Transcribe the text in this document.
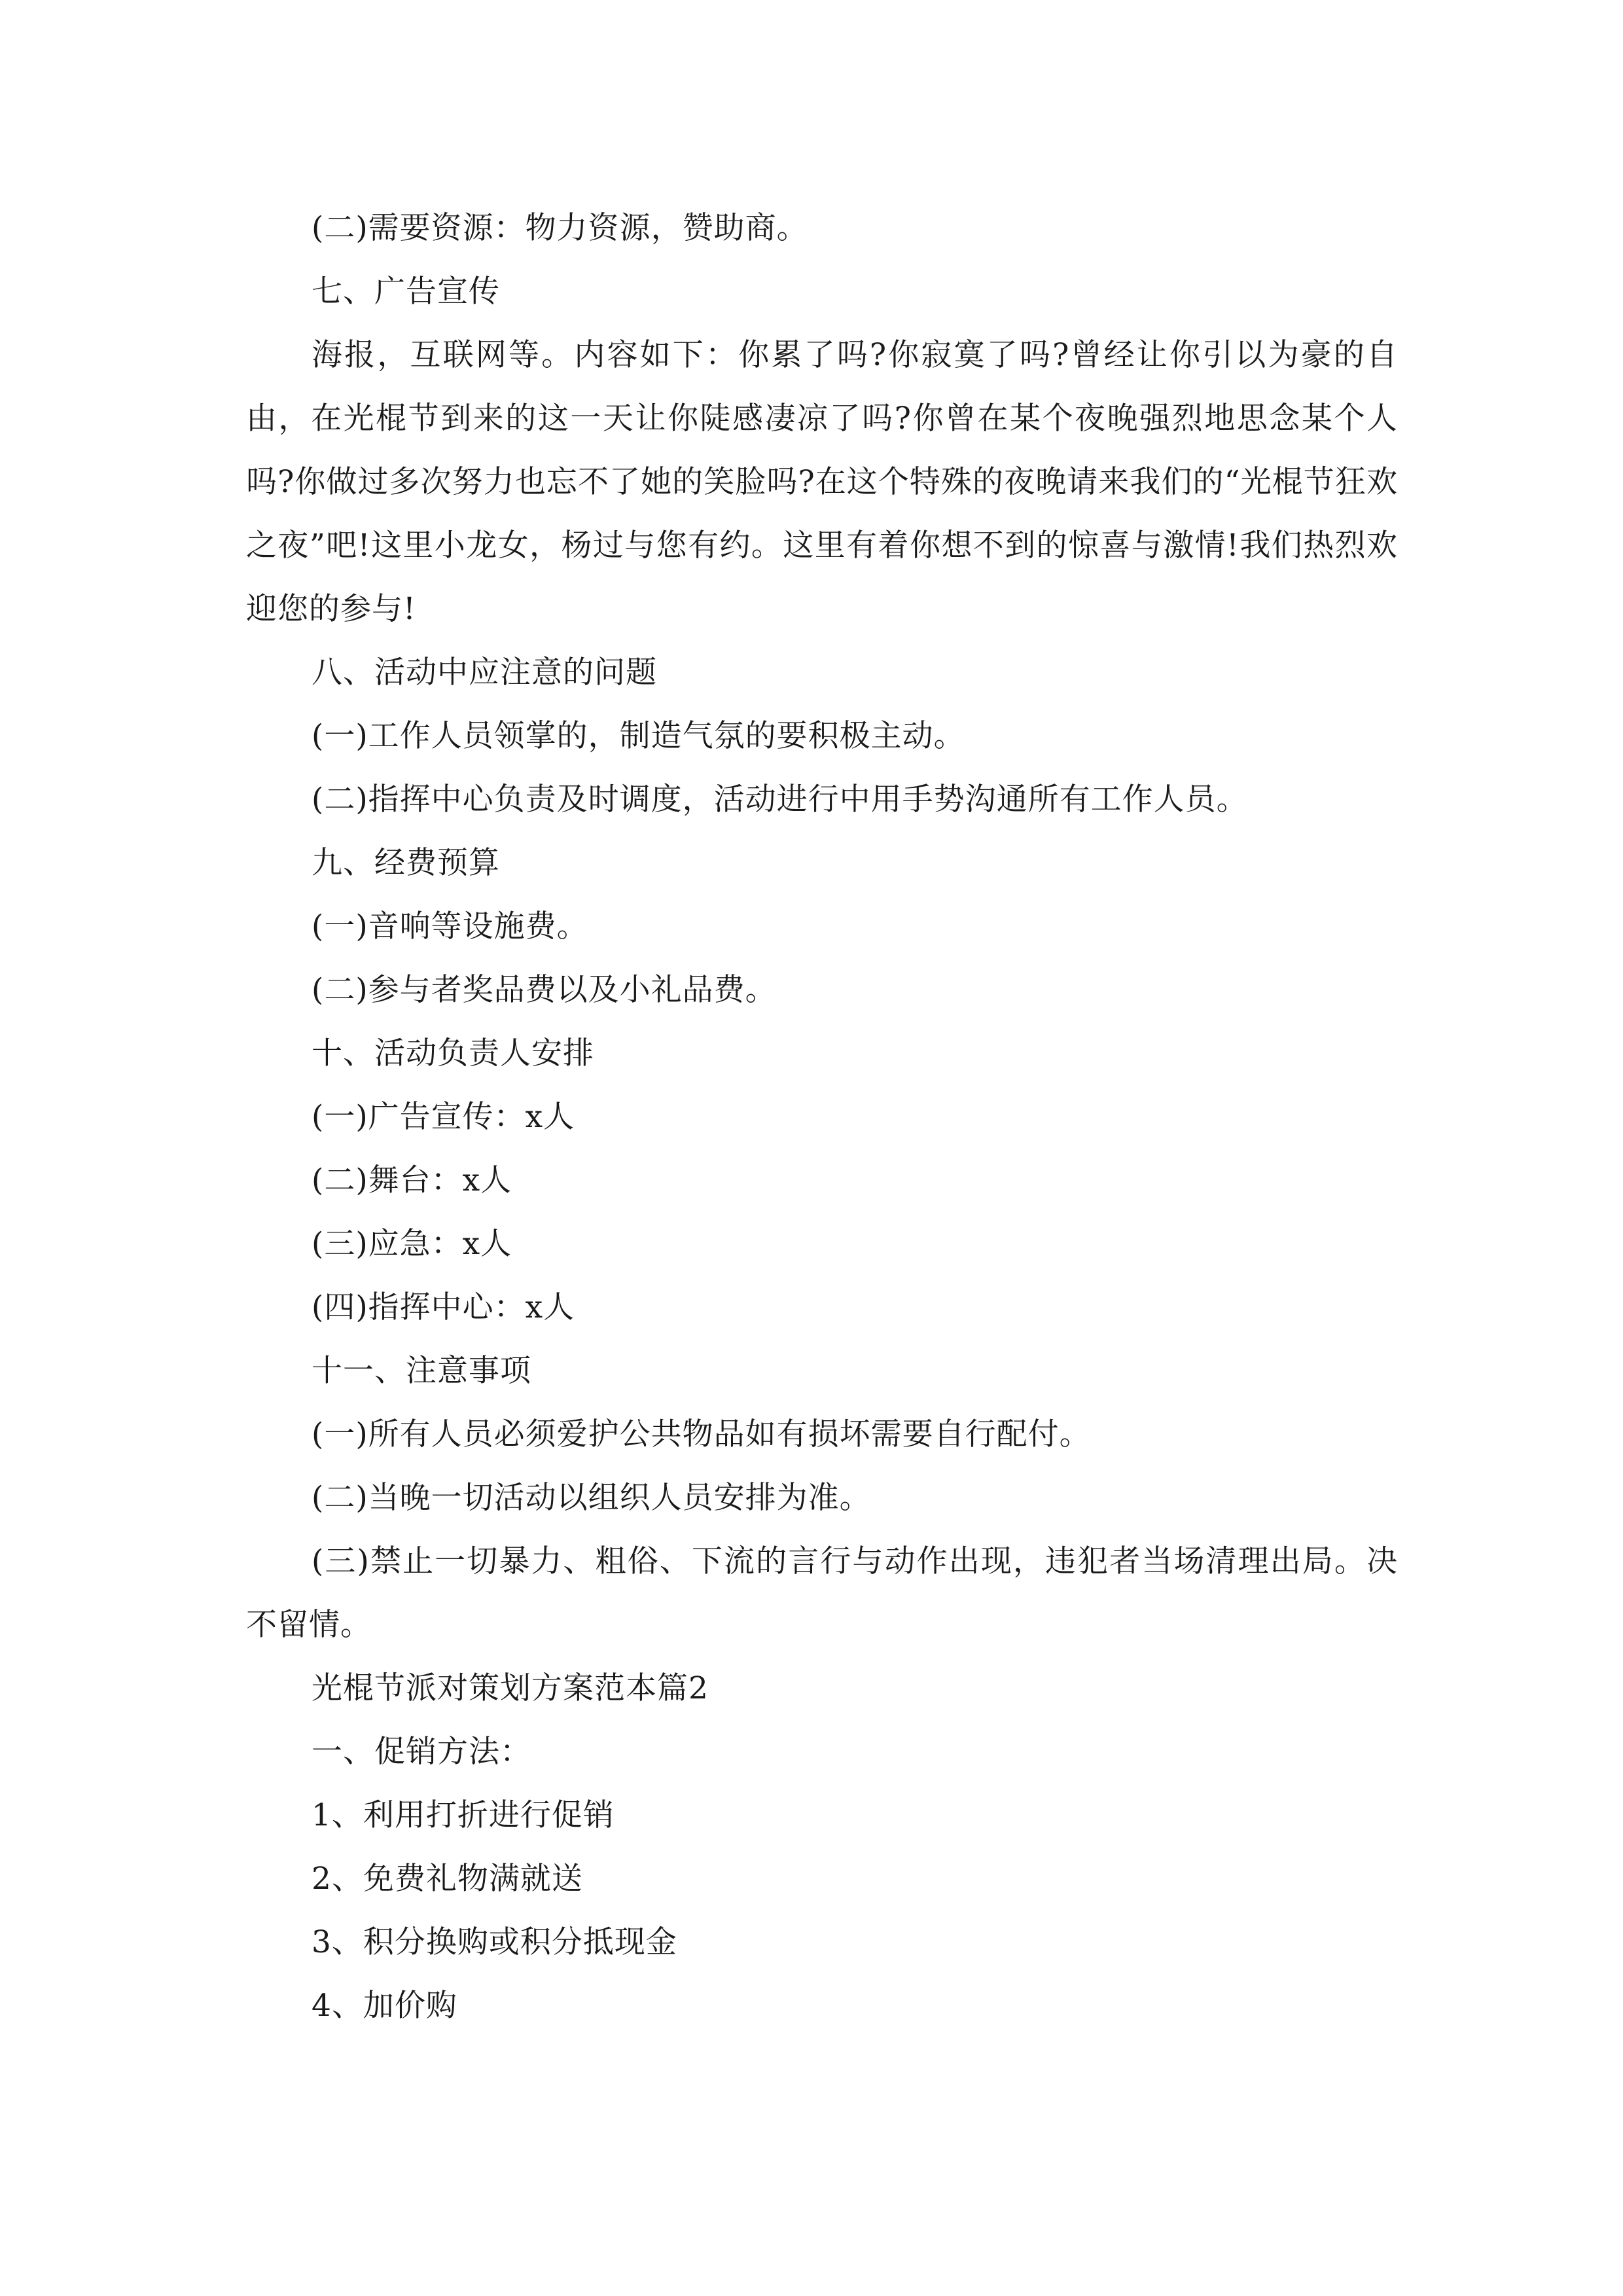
(二)需要资源：物力资源，赞助商。

七、广告宣传

海报，互联网等。内容如下：你累了吗?你寂寞了吗?曾经让你引以为豪的自由，在光棍节到来的这一天让你陡感凄凉了吗?你曾在某个夜晚强烈地思念某个人吗?你做过多次努力也忘不了她的笑脸吗?在这个特殊的夜晚请来我们的“光棍节狂欢之夜”吧!这里小龙女，杨过与您有约。这里有着你想不到的惊喜与激情!我们热烈欢迎您的参与!

八、活动中应注意的问题

(一)工作人员领掌的，制造气氛的要积极主动。

(二)指挥中心负责及时调度，活动进行中用手势沟通所有工作人员。

九、经费预算

(一)音响等设施费。

(二)参与者奖品费以及小礼品费。

十、活动负责人安排

(一)广告宣传：x人

(二)舞台：x人

(三)应急：x人

(四)指挥中心：x人

十一、注意事项

(一)所有人员必须爱护公共物品如有损坏需要自行配付。

(二)当晚一切活动以组织人员安排为准。

(三)禁止一切暴力、粗俗、下流的言行与动作出现，违犯者当场清理出局。决不留情。

光棍节派对策划方案范本篇2

一、促销方法：

1、利用打折进行促销

2、免费礼物满就送

3、积分换购或积分抵现金

4、加价购
